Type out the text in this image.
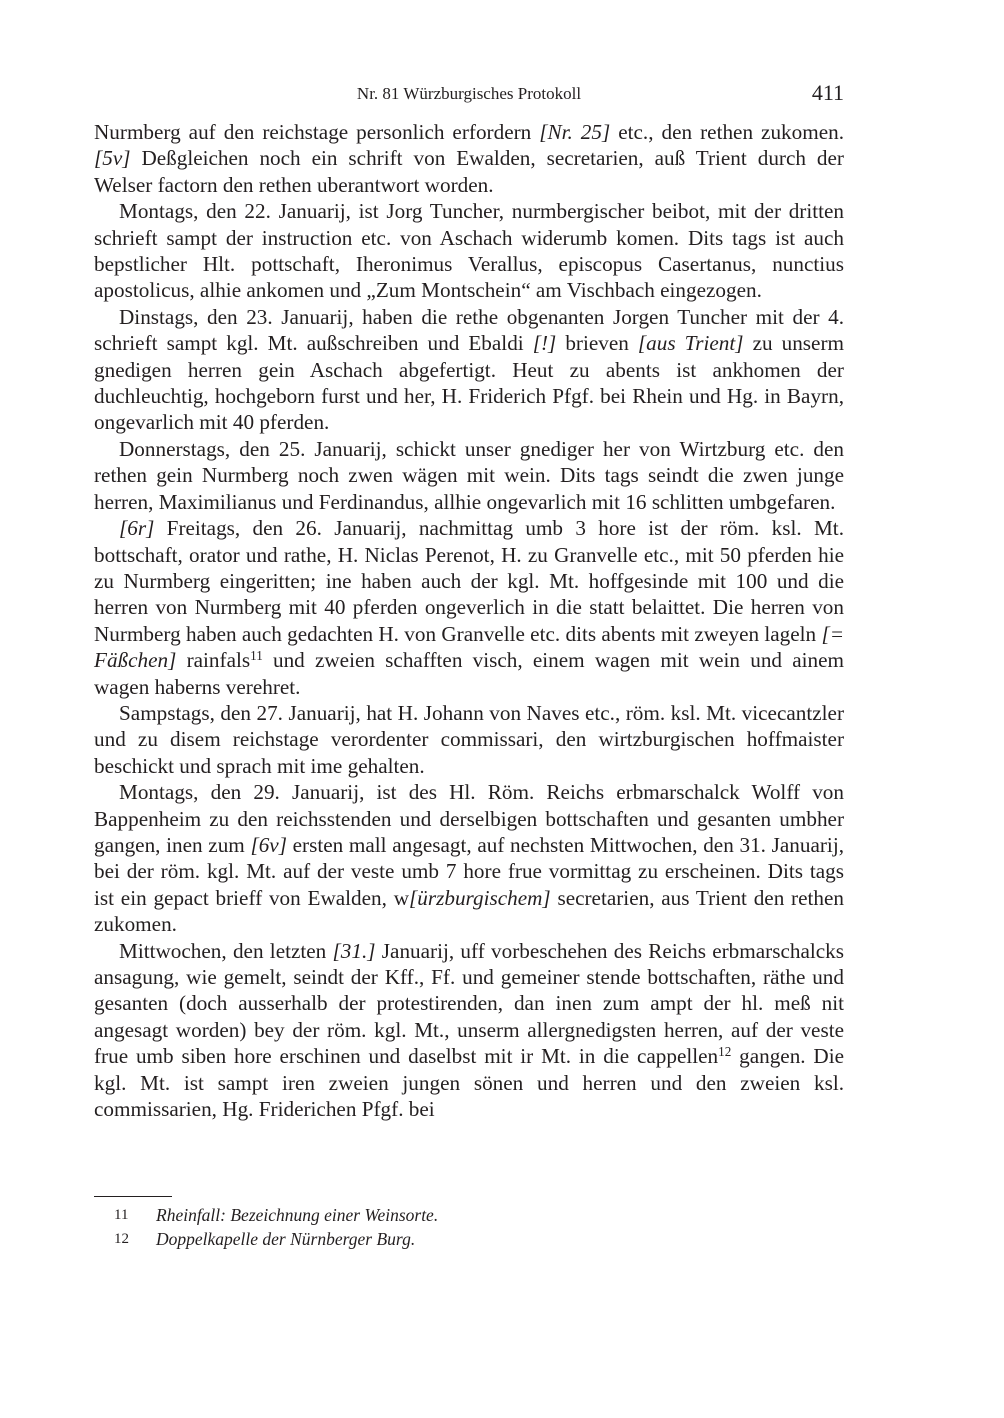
Nr. 81 Würzburgisches Protokoll	411

Nurmberg auf den reichstage personlich erfordern [Nr. 25] etc., den rethen zukomen. [5v] Deßgleichen noch ein schrift von Ewalden, secretarien, auß Trient durch der Welser factorn den rethen uberantwort worden.

Montags, den 22. Januarij, ist Jorg Tuncher, nurmbergischer beibot, mit der dritten schrieft sampt der instruction etc. von Aschach widerumb komen. Dits tags ist auch bepstlicher Hlt. pottschaft, Iheronimus Verallus, episcopus Casertanus, nunctius apostolicus, alhie ankomen und „Zum Montschein“ am Vischbach eingezogen.

Dinstags, den 23. Januarij, haben die rethe obgenanten Jorgen Tuncher mit der 4. schrieft sampt kgl. Mt. außschreiben und Ebaldi [!] brieven [aus Trient] zu unserm gnedigen herren gein Aschach abgefertigt. Heut zu abents ist ankhomen der duchleuchtig, hochgeborn furst und her, H. Friderich Pfgf. bei Rhein und Hg. in Bayrn, ongevarlich mit 40 pferden.

Donnerstags, den 25. Januarij, schickt unser gnediger her von Wirtzburg etc. den rethen gein Nurmberg noch zwen wägen mit wein. Dits tags seindt die zwen junge herren, Maximilianus und Ferdinandus, allhie ongevarlich mit 16 schlitten umbgefaren.

[6r] Freitags, den 26. Januarij, nachmittag umb 3 hore ist der röm. ksl. Mt. bottschaft, orator und rathe, H. Niclas Perenot, H. zu Granvelle etc., mit 50 pferden hie zu Nurmberg eingeritten; ine haben auch der kgl. Mt. hoffgesinde mit 100 und die herren von Nurmberg mit 40 pferden ongeverlich in die statt belaittet. Die herren von Nurmberg haben auch gedachten H. von Granvelle etc. dits abents mit zweyen lageln [= Fäßchen] rainfals$^{11}$ und zweien schafften visch, einem wagen mit wein und ainem wagen haberns verehret.

Sampstags, den 27. Januarij, hat H. Johann von Naves etc., röm. ksl. Mt. vicecantzler und zu disem reichstage verordenter commissari, den wirtzburgischen hoffmaister beschickt und sprach mit ime gehalten.

Montags, den 29. Januarij, ist des Hl. Röm. Reichs erbmarschalck Wolff von Bappenheim zu den reichsstenden und derselbigen bottschaften und gesanten umbher gangen, inen zum [6v] ersten mall angesagt, auf nechsten Mittwochen, den 31. Januarij, bei der röm. kgl. Mt. auf der veste umb 7 hore frue vormittag zu erscheinen. Dits tags ist ein gepact brieff von Ewalden, w[ürzburgischem] secretarien, aus Trient den rethen zukomen.

Mittwochen, den letzten [31.] Januarij, uff vorbeschehen des Reichs erbmarschalcks ansagung, wie gemelt, seindt der Kff., Ff. und gemeiner stende bottschaften, räthe und gesanten (doch ausserhalb der protestirenden, dan inen zum ampt der hl. meß nit angesagt worden) bey der röm. kgl. Mt., unserm allergnedigsten herren, auf der veste frue umb siben hore erschinen und daselbst mit ir Mt. in die cappellen$^{12}$ gangen. Die kgl. Mt. ist sampt iren zweien jungen sönen und herren und den zweien ksl. commissarien, Hg. Friderichen Pfgf. bei

11 Rheinfall: Bezeichnung einer Weinsorte.
12 Doppelkapelle der Nürnberger Burg.
